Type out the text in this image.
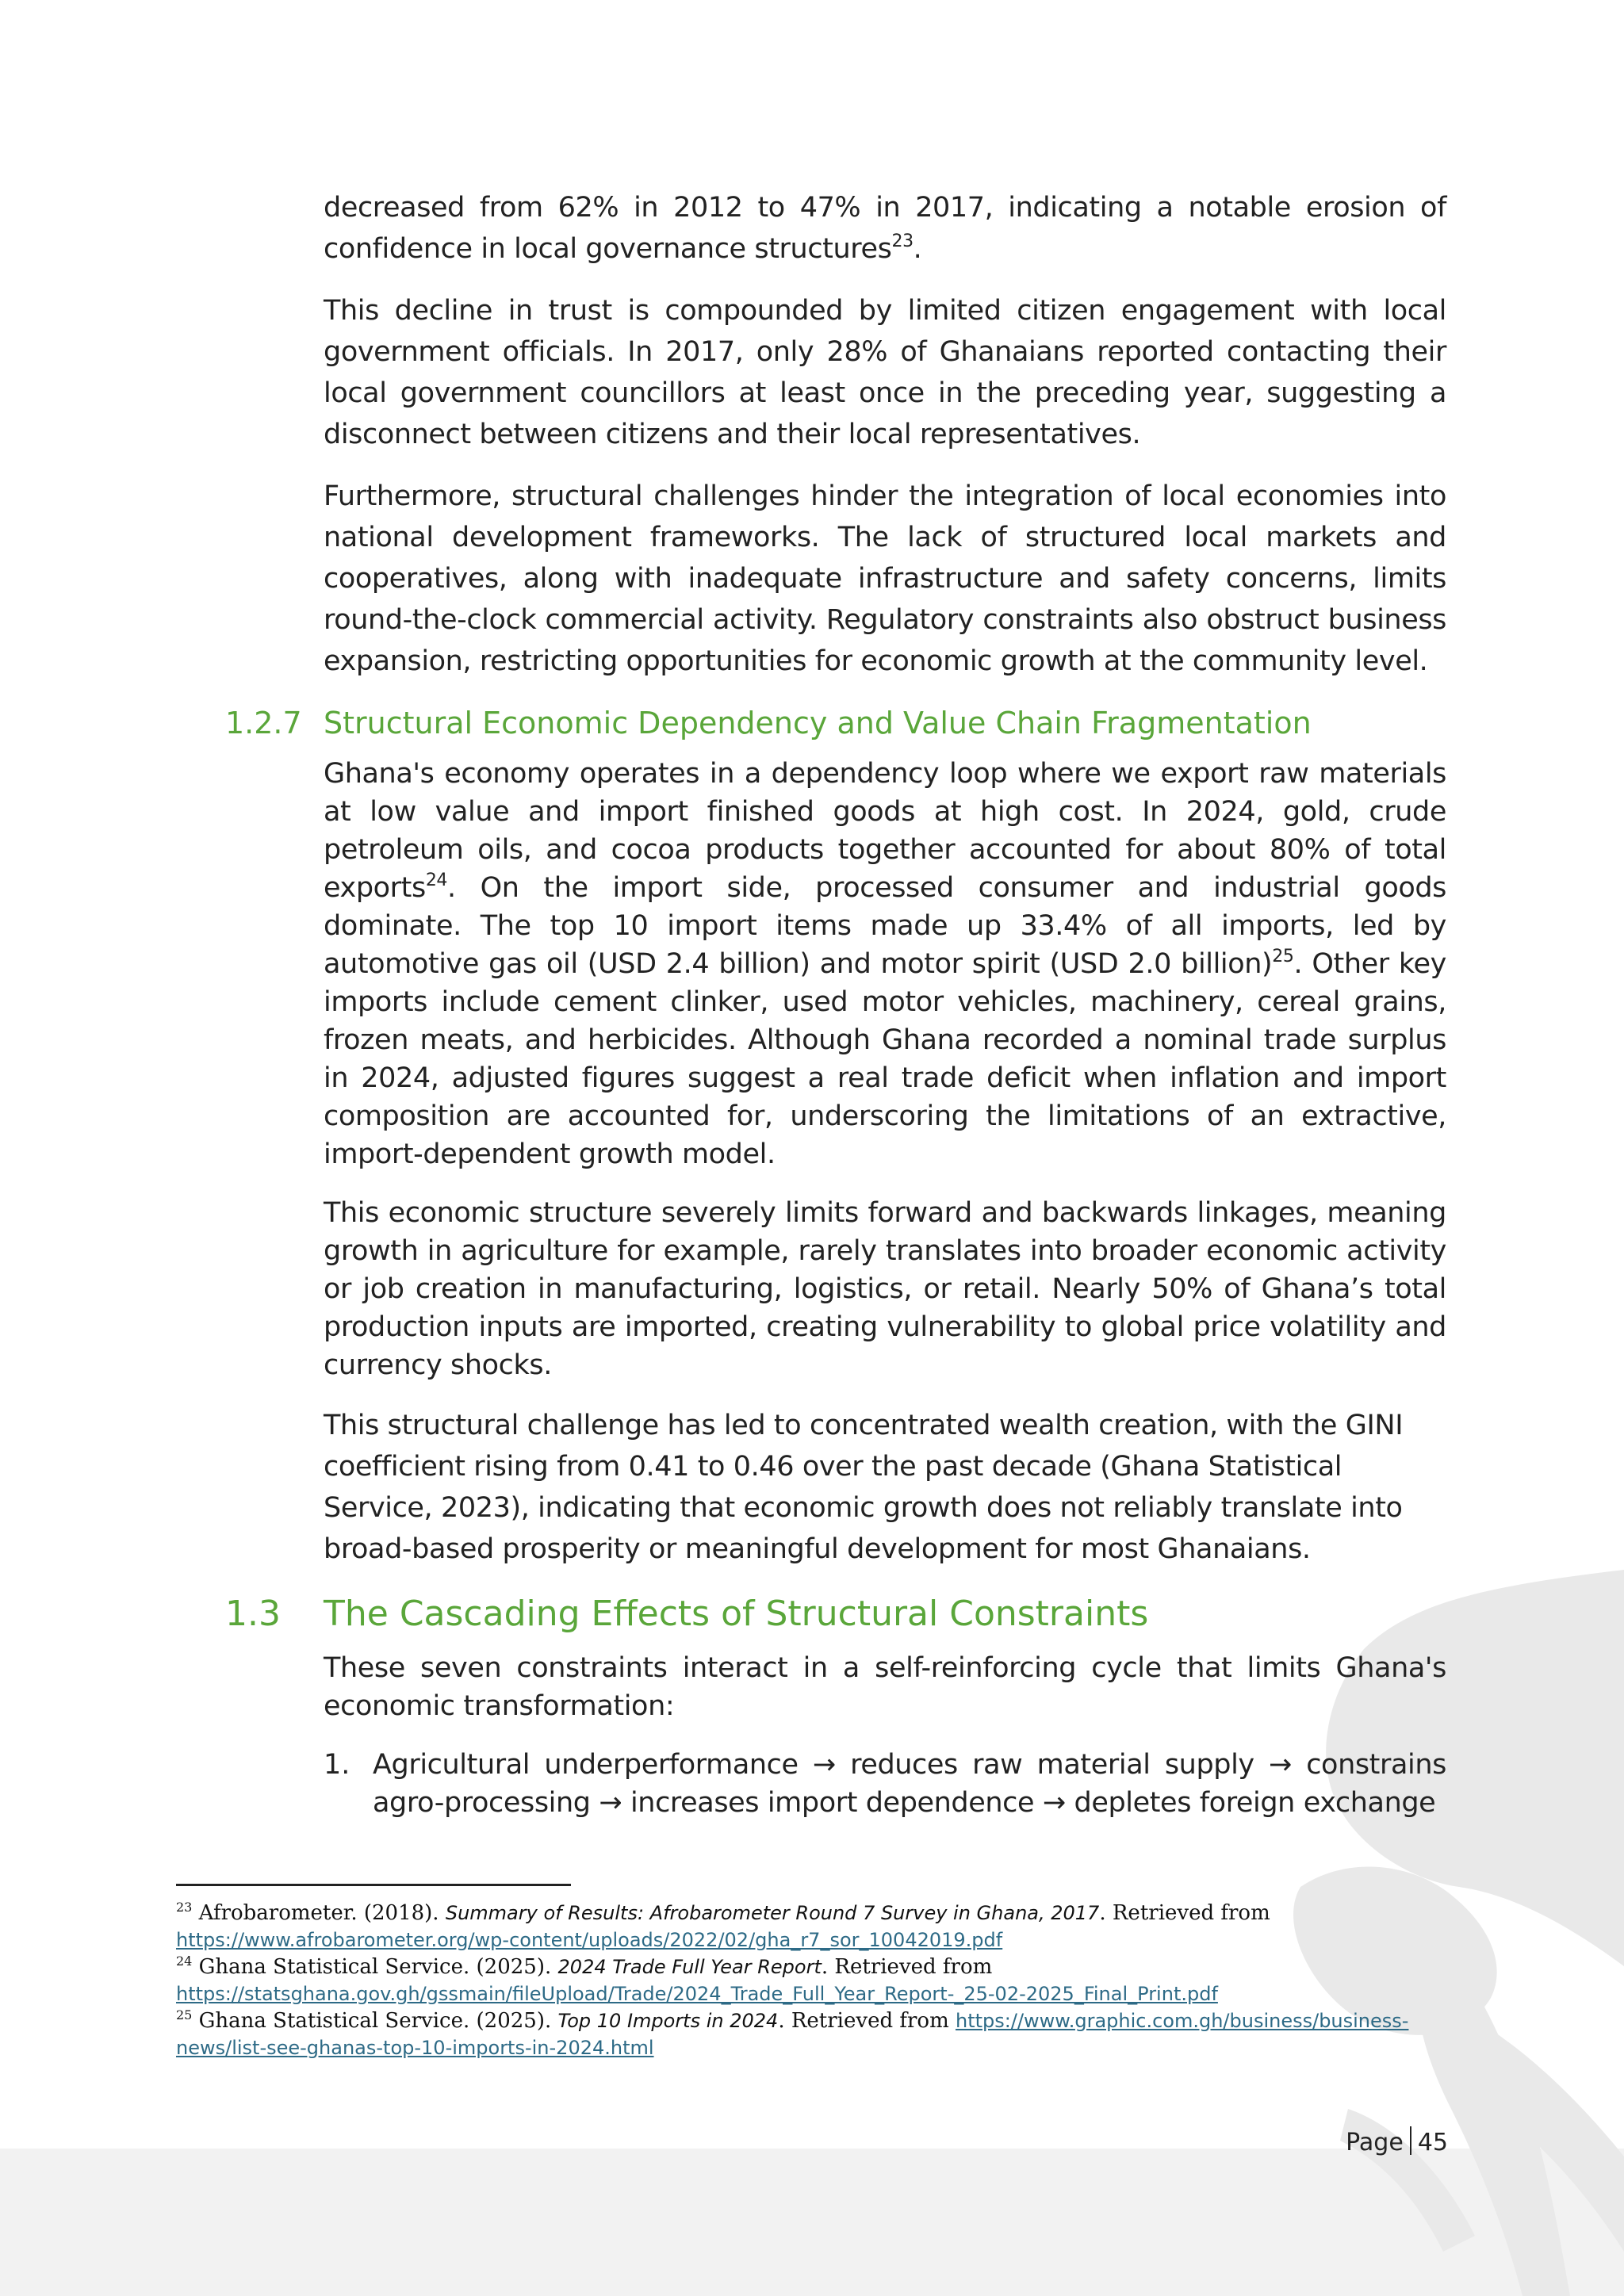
decreased from 62% in 2012 to 47% in 2017, indicating a notable erosion of confidence in local governance structures$^{23}$.

This decline in trust is compounded by limited citizen engagement with local government officials. In 2017, only 28% of Ghanaians reported contacting their local government councillors at least once in the preceding year, suggesting a disconnect between citizens and their local representatives.

Furthermore, structural challenges hinder the integration of local economies into national development frameworks. The lack of structured local markets and cooperatives, along with inadequate infrastructure and safety concerns, limits round-the-clock commercial activity. Regulatory constraints also obstruct business expansion, restricting opportunities for economic growth at the community level.

1.2.7 Structural Economic Dependency and Value Chain Fragmentation

Ghana's economy operates in a dependency loop where we export raw materials at low value and import finished goods at high cost. In 2024, gold, crude petroleum oils, and cocoa products together accounted for about 80% of total exports$^{24}$. On the import side, processed consumer and industrial goods dominate. The top 10 import items made up 33.4% of all imports, led by automotive gas oil (USD 2.4 billion) and motor spirit (USD 2.0 billion)$^{25}$. Other key imports include cement clinker, used motor vehicles, machinery, cereal grains, frozen meats, and herbicides. Although Ghana recorded a nominal trade surplus in 2024, adjusted figures suggest a real trade deficit when inflation and import composition are accounted for, underscoring the limitations of an extractive, import-dependent growth model.

This economic structure severely limits forward and backwards linkages, meaning growth in agriculture for example, rarely translates into broader economic activity or job creation in manufacturing, logistics, or retail. Nearly 50% of Ghana’s total production inputs are imported, creating vulnerability to global price volatility and currency shocks.

This structural challenge has led to concentrated wealth creation, with the GINI coefficient rising from 0.41 to 0.46 over the past decade (Ghana Statistical Service, 2023), indicating that economic growth does not reliably translate into broad-based prosperity or meaningful development for most Ghanaians.

1.3 The Cascading Effects of Structural Constraints

These seven constraints interact in a self-reinforcing cycle that limits Ghana's economic transformation:

1. Agricultural underperformance → reduces raw material supply → constrains agro-processing → increases import dependence → depletes foreign exchange

$^{23}$ Afrobarometer. (2018). Summary of Results: Afrobarometer Round 7 Survey in Ghana, 2017. Retrieved from https://www.afrobarometer.org/wp-content/uploads/2022/02/gha_r7_sor_10042019.pdf

$^{24}$ Ghana Statistical Service. (2025). 2024 Trade Full Year Report. Retrieved from https://statsghana.gov.gh/gssmain/fileUpload/Trade/2024_Trade_Full_Year_Report-_25-02-2025_Final_Print.pdf

$^{25}$ Ghana Statistical Service. (2025). Top 10 Imports in 2024. Retrieved from https://www.graphic.com.gh/business/business-news/list-see-ghanas-top-10-imports-in-2024.html

Page 45
